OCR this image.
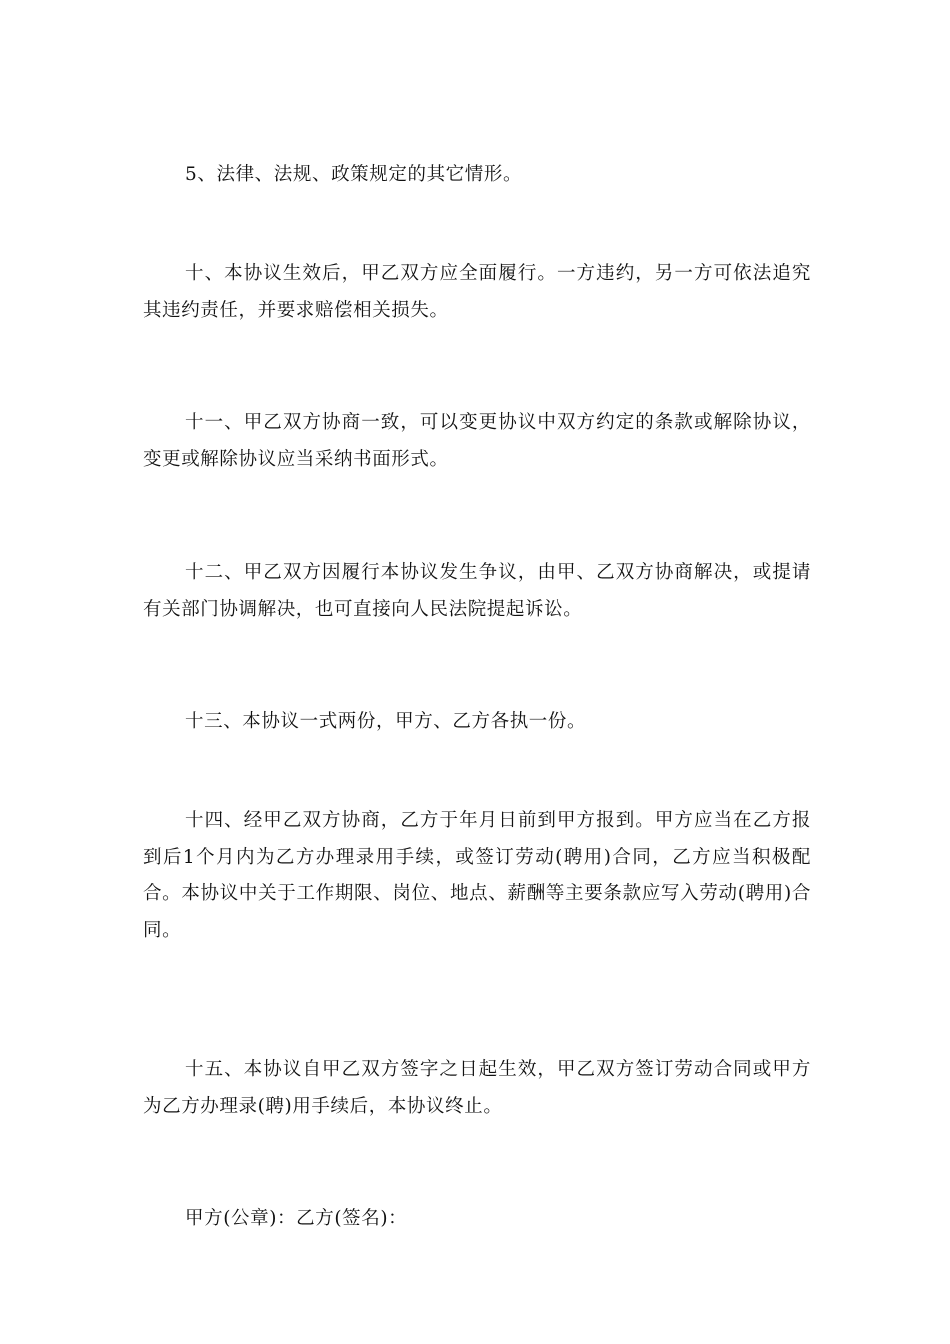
5、法律、法规、政策规定的其它情形。

十、本协议生效后，甲乙双方应全面履行。一方违约，另一方可依法追究其违约责任，并要求赔偿相关损失。

十一、甲乙双方协商一致，可以变更协议中双方约定的条款或解除协议，变更或解除协议应当采纳书面形式。

十二、甲乙双方因履行本协议发生争议，由甲、乙双方协商解决，或提请有关部门协调解决，也可直接向人民法院提起诉讼。

十三、本协议一式两份，甲方、乙方各执一份。

十四、经甲乙双方协商，乙方于年月日前到甲方报到。甲方应当在乙方报到后1个月内为乙方办理录用手续，或签订劳动(聘用)合同，乙方应当积极配合。本协议中关于工作期限、岗位、地点、薪酬等主要条款应写入劳动(聘用)合同。

十五、本协议自甲乙双方签字之日起生效，甲乙双方签订劳动合同或甲方为乙方办理录(聘)用手续后，本协议终止。

甲方(公章)：乙方(签名)：
